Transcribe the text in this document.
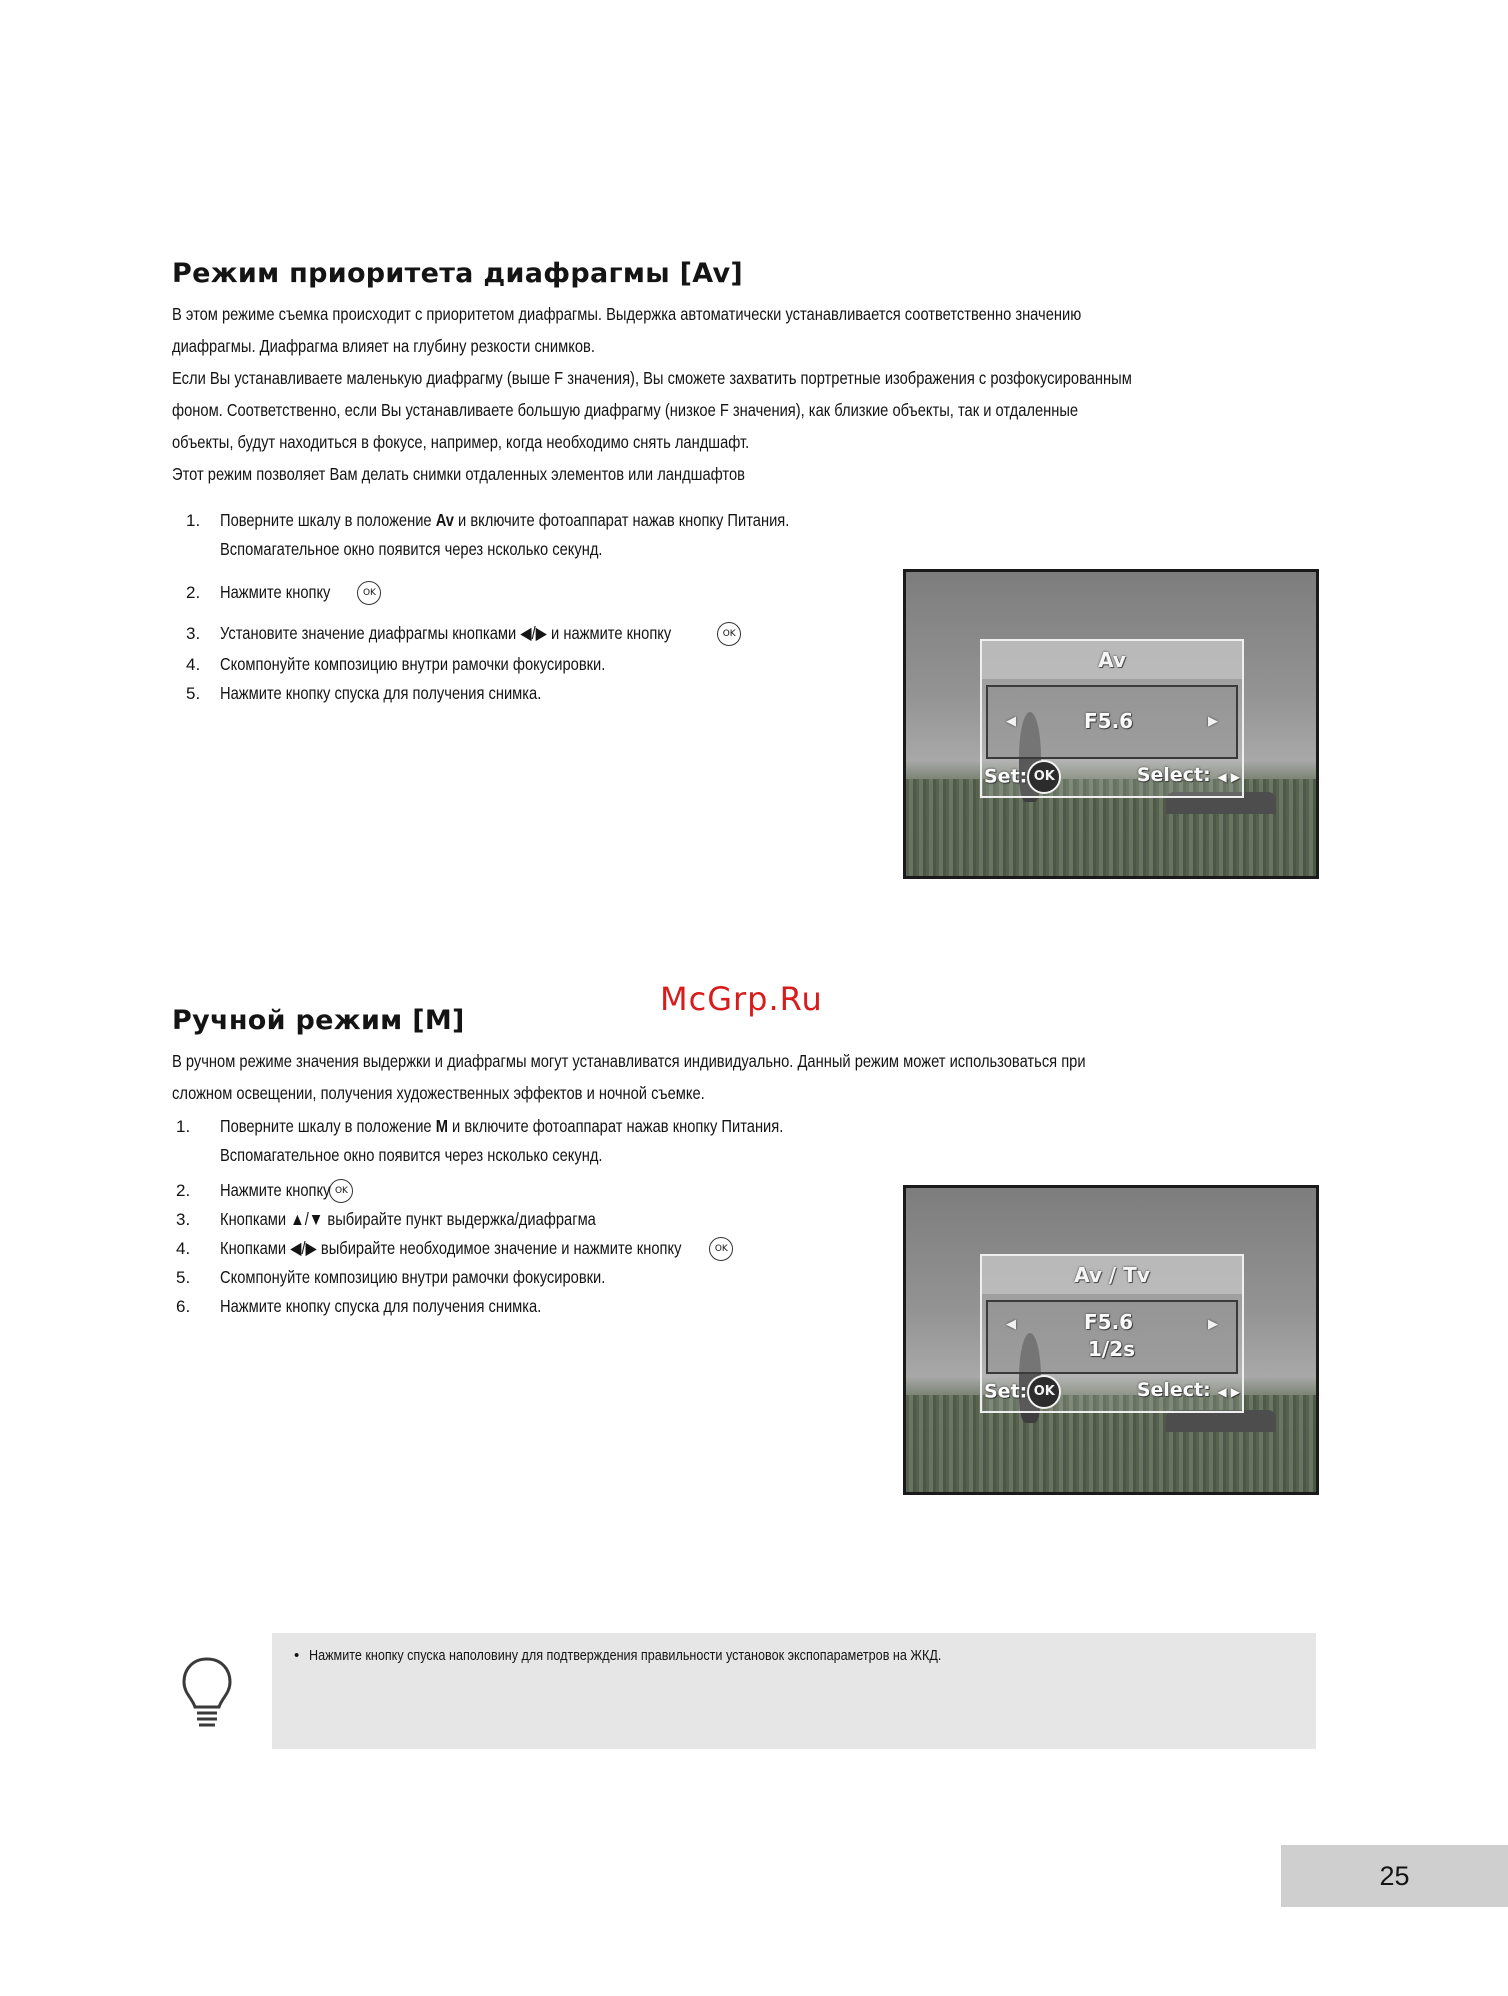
Режим приоритета диафрагмы [Av]
В этом режиме съемка происходит с приоритетом диафрагмы. Выдержка автоматически устанавливается соответственно значению
диафрагмы. Диафрагма влияет на глубину резкости снимков.
Если Вы устанавливаете маленькую диафрагму (выше F значения), Вы сможете захватить портретные изображения с розфокусированным
фоном. Соответственно, если Вы устанавливаете большую диафрагму (низкое F значения), как близкие объекты, так и отдаленные
объекты, будут находиться в фокусе, например, когда необходимо снять ландшафт.
Этот режим позволяет Вам делать снимки отдаленных элементов или ландшафтов
1. Поверните шкалу в положение Av и включите фотоаппарат нажав кнопку Питания.
Вспомагательное окно появится через нсколько секунд.
2. Нажмите кнопку	OK
3. Установите значение диафрагмы кнопками ◀/▶ и нажмите кнопку	OK
4. Скомпонуйте композицию внутри рамочки фокусировки.
5. Нажмите кнопку спуска для получения снимка.
Av
◀	F5.6	▶
Set: OK	Select: ◀ ▶
McGrp.Ru
Ручной режим [M]
В ручном режиме значения выдержки и диафрагмы могут устанавливатся индивидуально. Данный режим может использоваться при
сложном освещении, получения художественных эффектов и ночной съемке.
1. Поверните шкалу в положение M и включите фотоаппарат нажав кнопку Питания.
Вспомагательное окно появится через нсколько секунд.
2. Нажмите кнопку OK
3. Кнопками ▲/▼ выбирайте пункт выдержка/диафрагма
4. Кнопками ◀/▶ выбирайте необходимое значение и нажмите кнопку	OK
5. Скомпонуйте композицию внутри рамочки фокусировки.
6. Нажмите кнопку спуска для получения снимка.
Av / Tv
◀	F5.6
1/2s
▶
Set: OK	Select: ◀ ▶
• Нажмите кнопку спуска наполовину для подтверждения правильности установок экспопараметров на ЖКД.
25
